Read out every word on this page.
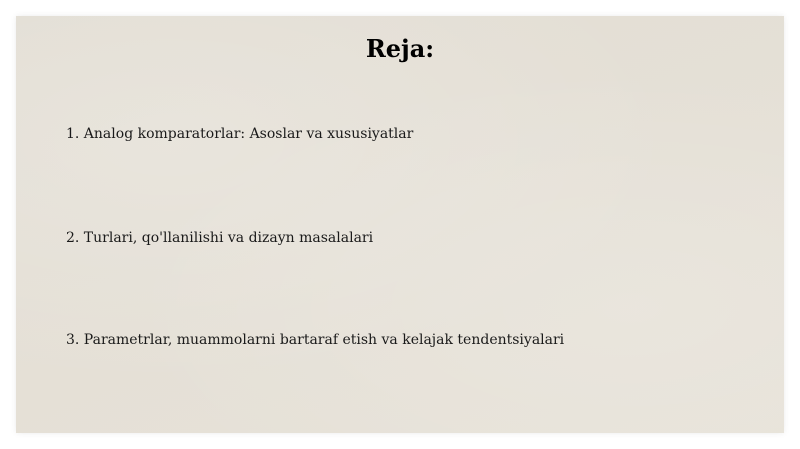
Reja:
1. Analog komparatorlar: Asoslar va xususiyatlar
2. Turlari, qo'llanilishi va dizayn masalalari
3. Parametrlar, muammolarni bartaraf etish va kelajak tendentsiyalari
